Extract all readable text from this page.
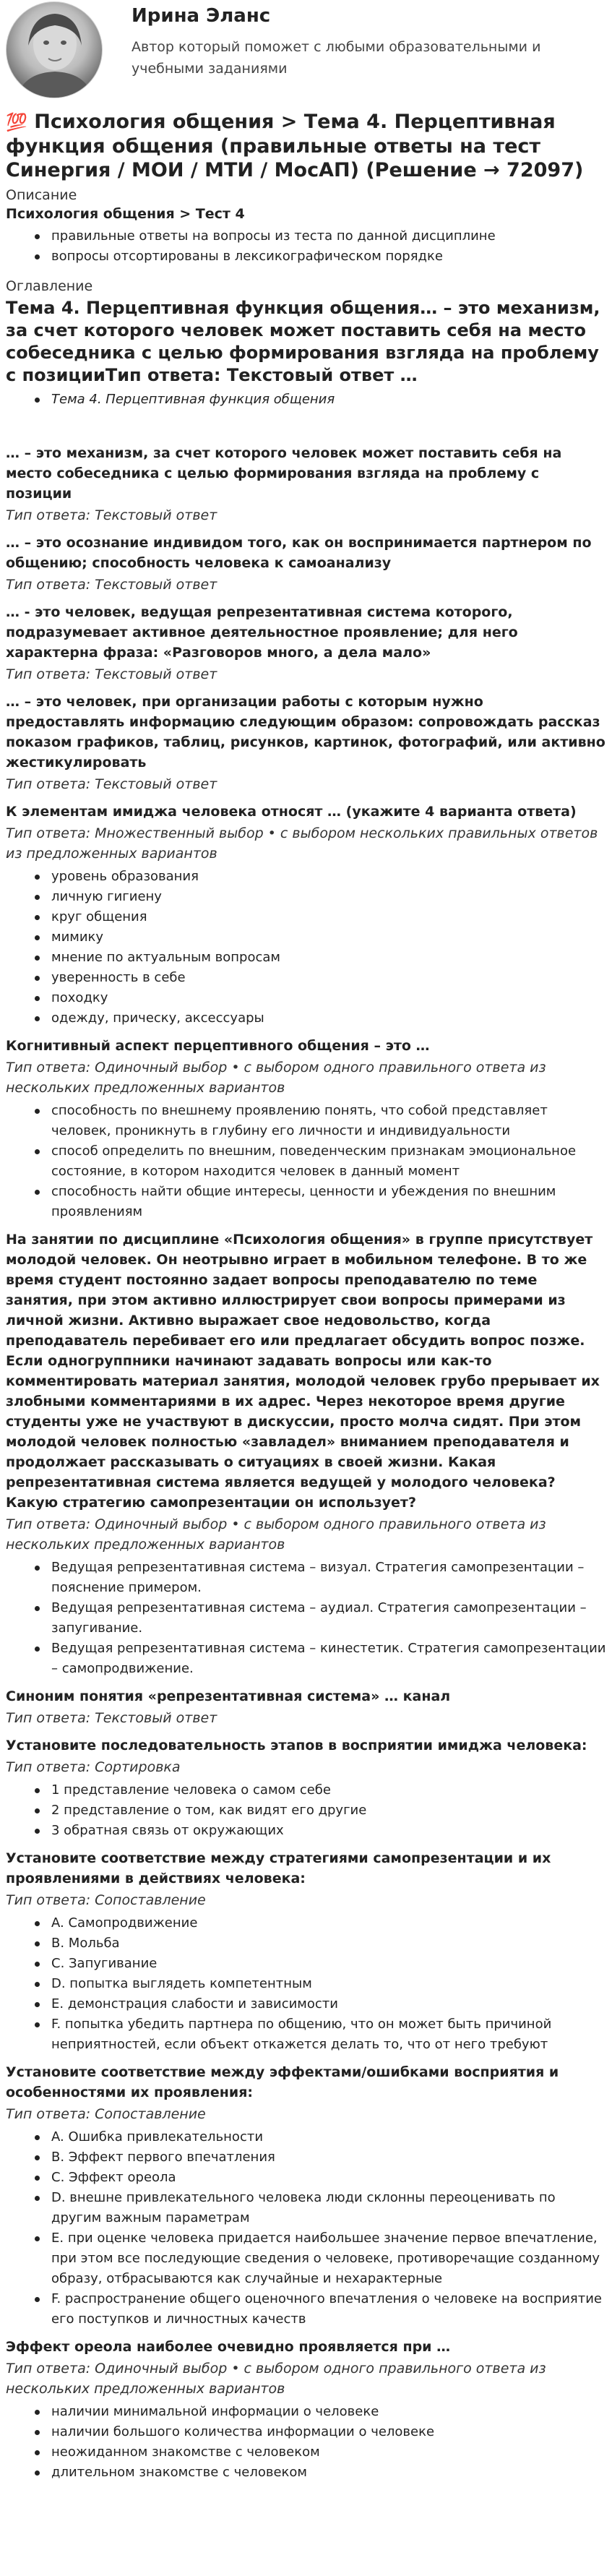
Ирина Эланс
Автор который поможет с любыми образовательными и учебными заданиями
💯 Психология общения > Тема 4. Перцептивная функция общения (правильные ответы на тест Синергия / МОИ / МТИ / МосАП) (Решение → 72097)
Описание
Психология общения > Тест 4
правильные ответы на вопросы из теста по данной дисциплине
вопросы отсортированы в лексикографическом порядке
Оглавление
Тема 4. Перцептивная функция общения… – это механизм, за счет которого человек может поставить себя на место собеседника с целью формирования взгляда на проблему с позицииТип ответа: Текстовый ответ …
Тема 4. Перцептивная функция общения
… – это механизм, за счет которого человек может поставить себя на место собеседника с целью формирования взгляда на проблему с позиции
Тип ответа: Текстовый ответ
… – это осознание индивидом того, как он воспринимается партнером по общению; способность человека к самоанализу
Тип ответа: Текстовый ответ
… - это человек, ведущая репрезентативная система которого, подразумевает активное деятельностное проявление; для него характерна фраза: «Разговоров много, а дела мало»
Тип ответа: Текстовый ответ
… – это человек, при организации работы с которым нужно предоставлять информацию следующим образом: сопровождать рассказ показом графиков, таблиц, рисунков, картинок, фотографий, или активно жестикулировать
Тип ответа: Текстовый ответ
К элементам имиджа человека относят … (укажите 4 варианта ответа)
Тип ответа: Множественный выбор • с выбором нескольких правильных ответов из предложенных вариантов
уровень образования
личную гигиену
круг общения
мимику
мнение по актуальным вопросам
уверенность в себе
походку
одежду, прическу, аксессуары
Когнитивный аспект перцептивного общения – это …
Тип ответа: Одиночный выбор • с выбором одного правильного ответа из нескольких предложенных вариантов
способность по внешнему проявлению понять, что собой представляет человек, проникнуть в глубину его личности и индивидуальности
способ определить по внешним, поведенческим признакам эмоциональное состояние, в котором находится человек в данный момент
способность найти общие интересы, ценности и убеждения по внешним проявлениям
На занятии по дисциплине «Психология общения» в группе присутствует молодой человек. Он неотрывно играет в мобильном телефоне. В то же время студент постоянно задает вопросы преподавателю по теме занятия, при этом активно иллюстрирует свои вопросы примерами из личной жизни. Активно выражает свое недовольство, когда преподаватель перебивает его или предлагает обсудить вопрос позже. Если одногруппники начинают задавать вопросы или как-то комментировать материал занятия, молодой человек грубо прерывает их злобными комментариями в их адрес. Через некоторое время другие студенты уже не участвуют в дискуссии, просто молча сидят. При этом молодой человек полностью «завладел» вниманием преподавателя и продолжает рассказывать о ситуациях в своей жизни. Какая репрезентативная система является ведущей у молодого человека? Какую стратегию самопрезентации он использует?
Тип ответа: Одиночный выбор • с выбором одного правильного ответа из нескольких предложенных вариантов
Ведущая репрезентативная система – визуал. Стратегия самопрезентации – пояснение примером.
Ведущая репрезентативная система – аудиал. Стратегия самопрезентации – запугивание.
Ведущая репрезентативная система – кинестетик. Стратегия самопрезентации – самопродвижение.
Синоним понятия «репрезентативная система» … канал
Тип ответа: Текстовый ответ
Установите последовательность этапов в восприятии имиджа человека:
Тип ответа: Сортировка
1 представление человека о самом себе
2 представление о том, как видят его другие
3 обратная связь от окружающих
Установите соответствие между стратегиями самопрезентации и их проявлениями в действиях человека:
Тип ответа: Сопоставление
A. Самопродвижение
B. Мольба
C. Запугивание
D. попытка выглядеть компетентным
E. демонстрация слабости и зависимости
F. попытка убедить партнера по общению, что он может быть причиной неприятностей, если объект откажется делать то, что от него требуют
Установите соответствие между эффектами/ошибками восприятия и особенностями их проявления:
Тип ответа: Сопоставление
A. Ошибка привлекательности
B. Эффект первого впечатления
C. Эффект ореола
D. внешне привлекательного человека люди склонны переоценивать по другим важным параметрам
E. при оценке человека придается наибольшее значение первое впечатление, при этом все последующие сведения о человеке, противоречащие созданному образу, отбрасываются как случайные и нехарактерные
F. распространение общего оценочного впечатления о человеке на восприятие его поступков и личностных качеств
Эффект ореола наиболее очевидно проявляется при …
Тип ответа: Одиночный выбор • с выбором одного правильного ответа из нескольких предложенных вариантов
наличии минимальной информации о человеке
наличии большого количества информации о человеке
неожиданном знакомстве с человеком
длительном знакомстве с человеком
